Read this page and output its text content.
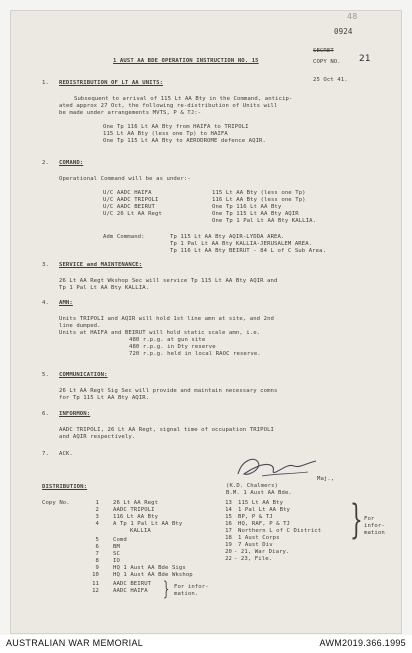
48
0924
SECRET
COPY NO. 21
1 AUST AA BDE OPERATION INSTRUCTION NO. 15
25 Oct 41.
1. REDISTRIBUTION OF LT AA UNITS:
Subsequent to arrival of 115 Lt AA Bty in the Command, anticip-
ated approx 27 Oct, the following re-distribution of Units will
be made under arrangements MVTS, P & TJ:-
One Tp 116 Lt AA Bty from HAIFA to TRIPOLI
115 Lt AA Bty (less one Tp) to HAIFA
One Tp 115 Lt AA Bty to AERODROME defence AQIR.
2. COMAND:
Operational Command will be as under:-
U/C AADC HAIFA	115 Lt AA Bty (less one Tp)
U/C AADC TRIPOLI	116 Lt AA Bty (less one Tp)
U/C AADC BEIRUT	One Tp 116 Lt AA Bty
U/C 26 Lt AA Regt	One Tp 115 Lt AA Bty AQIR
One Tp 1 Pal Lt AA Bty KALLIA.
Adm Command:	Tp 115 Lt AA Bty AQIR-LYDDA AREA.
Tp 1 Pal Lt AA Bty KALLIA-JERUSALEM AREA.
Tp 116 Lt AA Bty BEIRUT - 84 L of C Sub Area.
3. SERVICE and MAINTENANCE:
26 Lt AA Regt Wkshop Sec will service Tp 115 Lt AA Bty AQIR and
Tp 1 Pal Lt AA Bty KALLIA.
4. AMN:
Units TRIPOLI and AQIR will hold 1st line amn at site, and 2nd
line dumped.
Units at HAIFA and BEIRUT will hold static scale amn, i.e.
480 r.p.g. at gun site
480 r.p.g. in Dty reserve
720 r.p.g. held in local RAOC reserve.
5. COMMUNICATION:
26 Lt AA Regt Sig Sec will provide and maintain necessary comns
for Tp 115 Lt AA Bty AQIR.
6. INFORMON:
AADC TRIPOLI, 26 Lt AA Regt, signal time of occupation TRIPOLI
and AQIR respectively.
7. ACK.
Maj.,
(K.D. Chalmers)
B.M. 1 Aust AA Bde.
DISTRIBUTION:
Copy No.	1	26 Lt AA Regt
2	AADC TRIPOLI
3	116 Lt AA Bty
4	A Tp 1 Pal Lt AA Bty
KALLIA
5	Comd
6	BM
7	SC
8	IO
9	HQ 1 Aust AA Bde Sigs
10	HQ 1 Aust AA Bde Wkshop
11	AADC BEIRUT
12	AADC HAIFA } For infor-
mation.
13 115 Lt AA Bty
14 1 Pal Lt AA Bty
15 BP, P & TJ
16 HQ, RAF, P & TJ
17 Northern L of C District
18 1 Aust Corps
19 7 Aust Div
20 - 21, War Diary.
22 - 23, File.
} For
infor-
mation
AUSTRALIAN WAR MEMORIAL	AWM2019.366.1995
